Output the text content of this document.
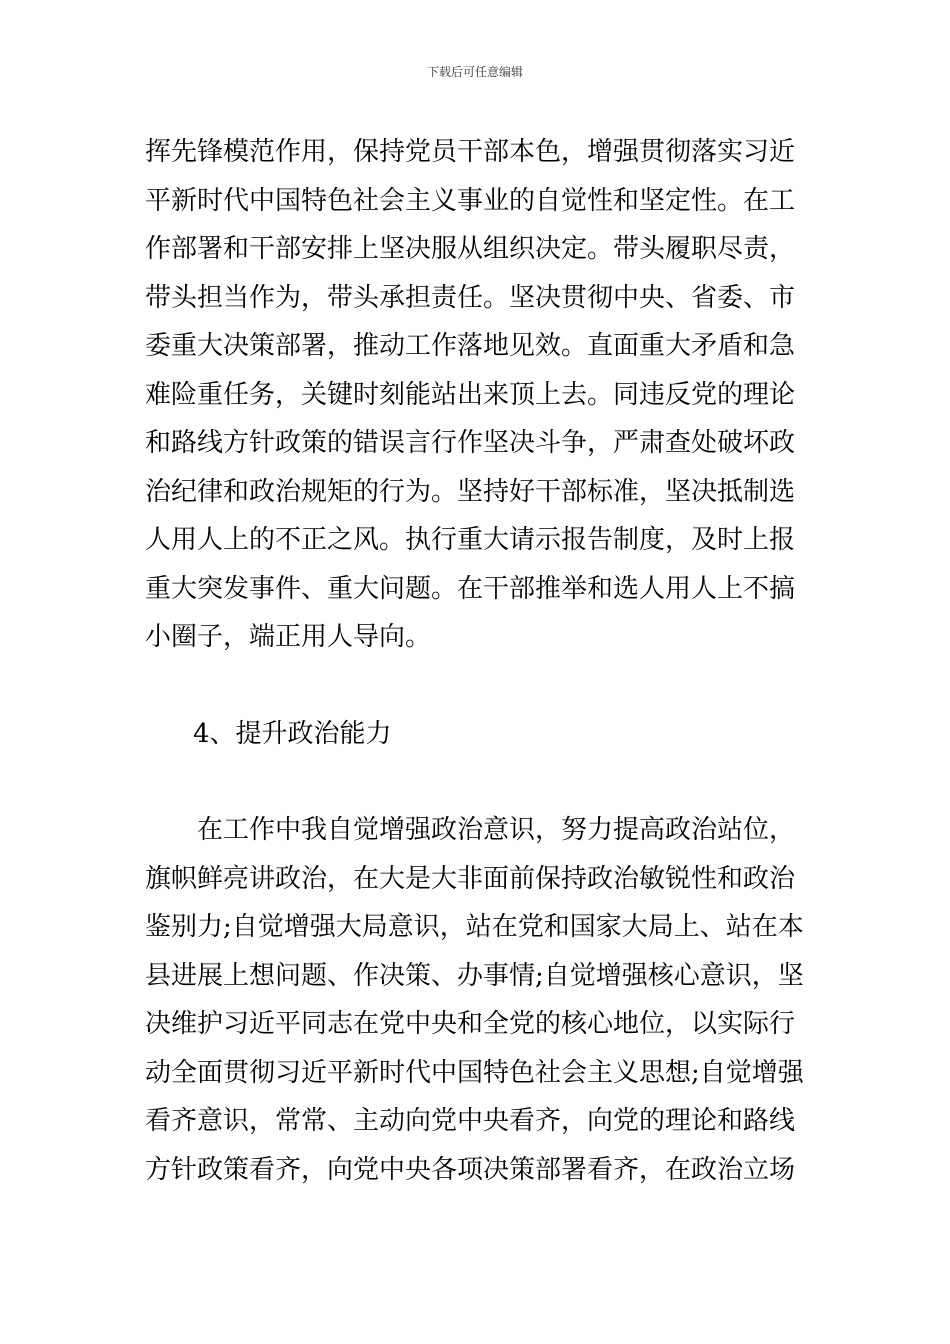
下载后可任意编辑

挥先锋模范作用，保持党员干部本色，增强贯彻落实习近
平新时代中国特色社会主义事业的自觉性和坚定性。在工
作部署和干部安排上坚决服从组织决定。带头履职尽责，
带头担当作为，带头承担责任。坚决贯彻中央、省委、市
委重大决策部署，推动工作落地见效。直面重大矛盾和急
难险重任务，关键时刻能站出来顶上去。同违反党的理论
和路线方针政策的错误言行作坚决斗争，严肃查处破坏政
治纪律和政治规矩的行为。坚持好干部标准，坚决抵制选
人用人上的不正之风。执行重大请示报告制度，及时上报
重大突发事件、重大问题。在干部推举和选人用人上不搞
小圈子，端正用人导向。

4、提升政治能力

　　在工作中我自觉增强政治意识，努力提高政治站位，
旗帜鲜亮讲政治，在大是大非面前保持政治敏锐性和政治
鉴别力;自觉增强大局意识，站在党和国家大局上、站在本
县进展上想问题、作决策、办事情;自觉增强核心意识，坚
决维护习近平同志在党中央和全党的核心地位，以实际行
动全面贯彻习近平新时代中国特色社会主义思想;自觉增强
看齐意识，常常、主动向党中央看齐，向党的理论和路线
方针政策看齐，向党中央各项决策部署看齐，在政治立场
